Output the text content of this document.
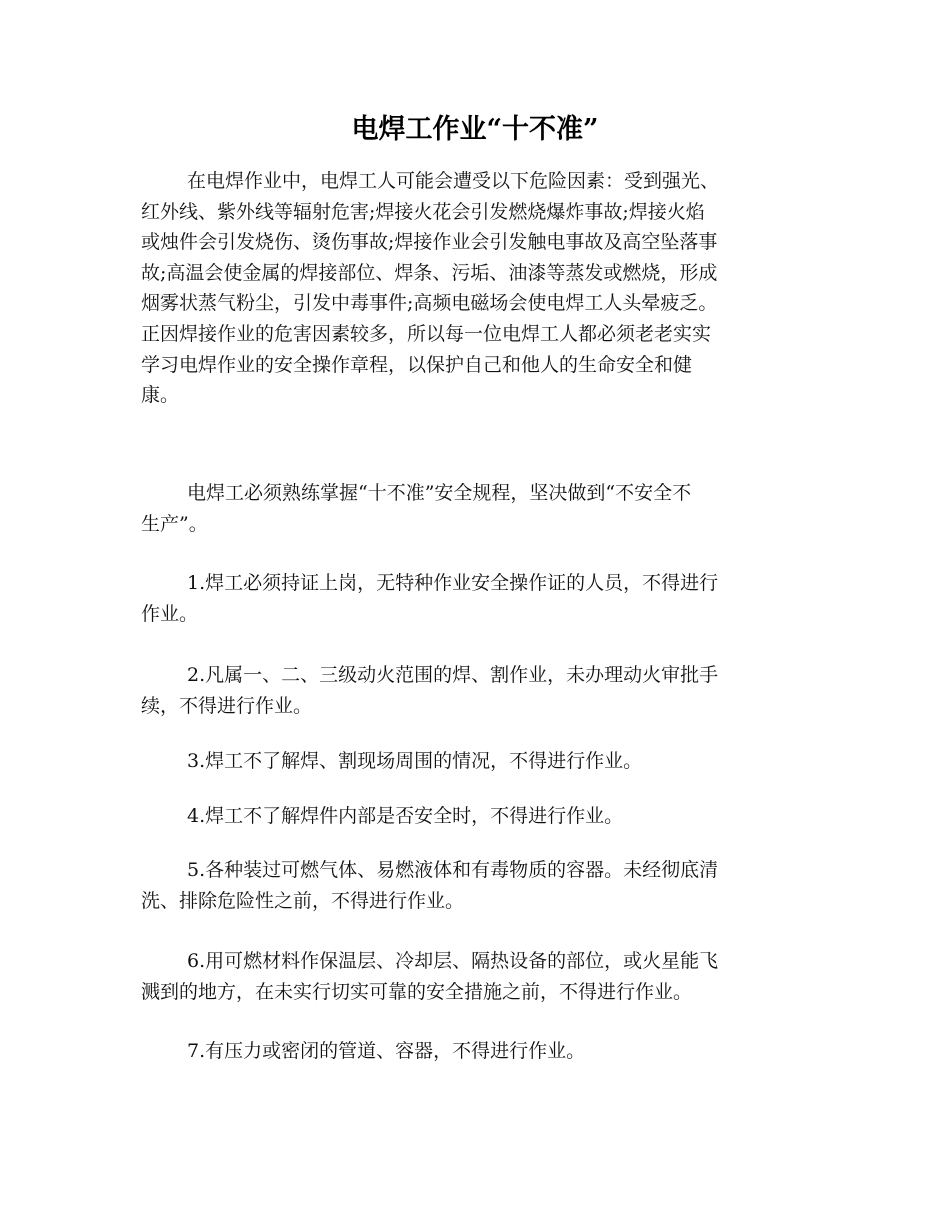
电焊工作业“十不准”
在电焊作业中，电焊工人可能会遭受以下危险因素：受到强光、
红外线、紫外线等辐射危害;焊接火花会引发燃烧爆炸事故;焊接火焰
或烛件会引发烧伤、烫伤事故;焊接作业会引发触电事故及高空坠落事
故;高温会使金属的焊接部位、焊条、污垢、油漆等蒸发或燃烧，形成
烟雾状蒸气粉尘，引发中毒事件;高频电磁场会使电焊工人头晕疲乏。
正因焊接作业的危害因素较多，所以每一位电焊工人都必须老老实实
学习电焊作业的安全操作章程，以保护自己和他人的生命安全和健
康。
电焊工必须熟练掌握“十不准”安全规程，坚决做到“不安全不
生产”。
1.焊工必须持证上岗，无特种作业安全操作证的人员，不得进行
作业。
2.凡属一、二、三级动火范围的焊、割作业，未办理动火审批手
续，不得进行作业。
3.焊工不了解焊、割现场周围的情况，不得进行作业。
4.焊工不了解焊件内部是否安全时，不得进行作业。
5.各种装过可燃气体、易燃液体和有毒物质的容器。未经彻底清
洗、排除危险性之前，不得进行作业。
6.用可燃材料作保温层、冷却层、隔热设备的部位，或火星能飞
溅到的地方，在未实行切实可靠的安全措施之前，不得进行作业。
7.有压力或密闭的管道、容器，不得进行作业。
